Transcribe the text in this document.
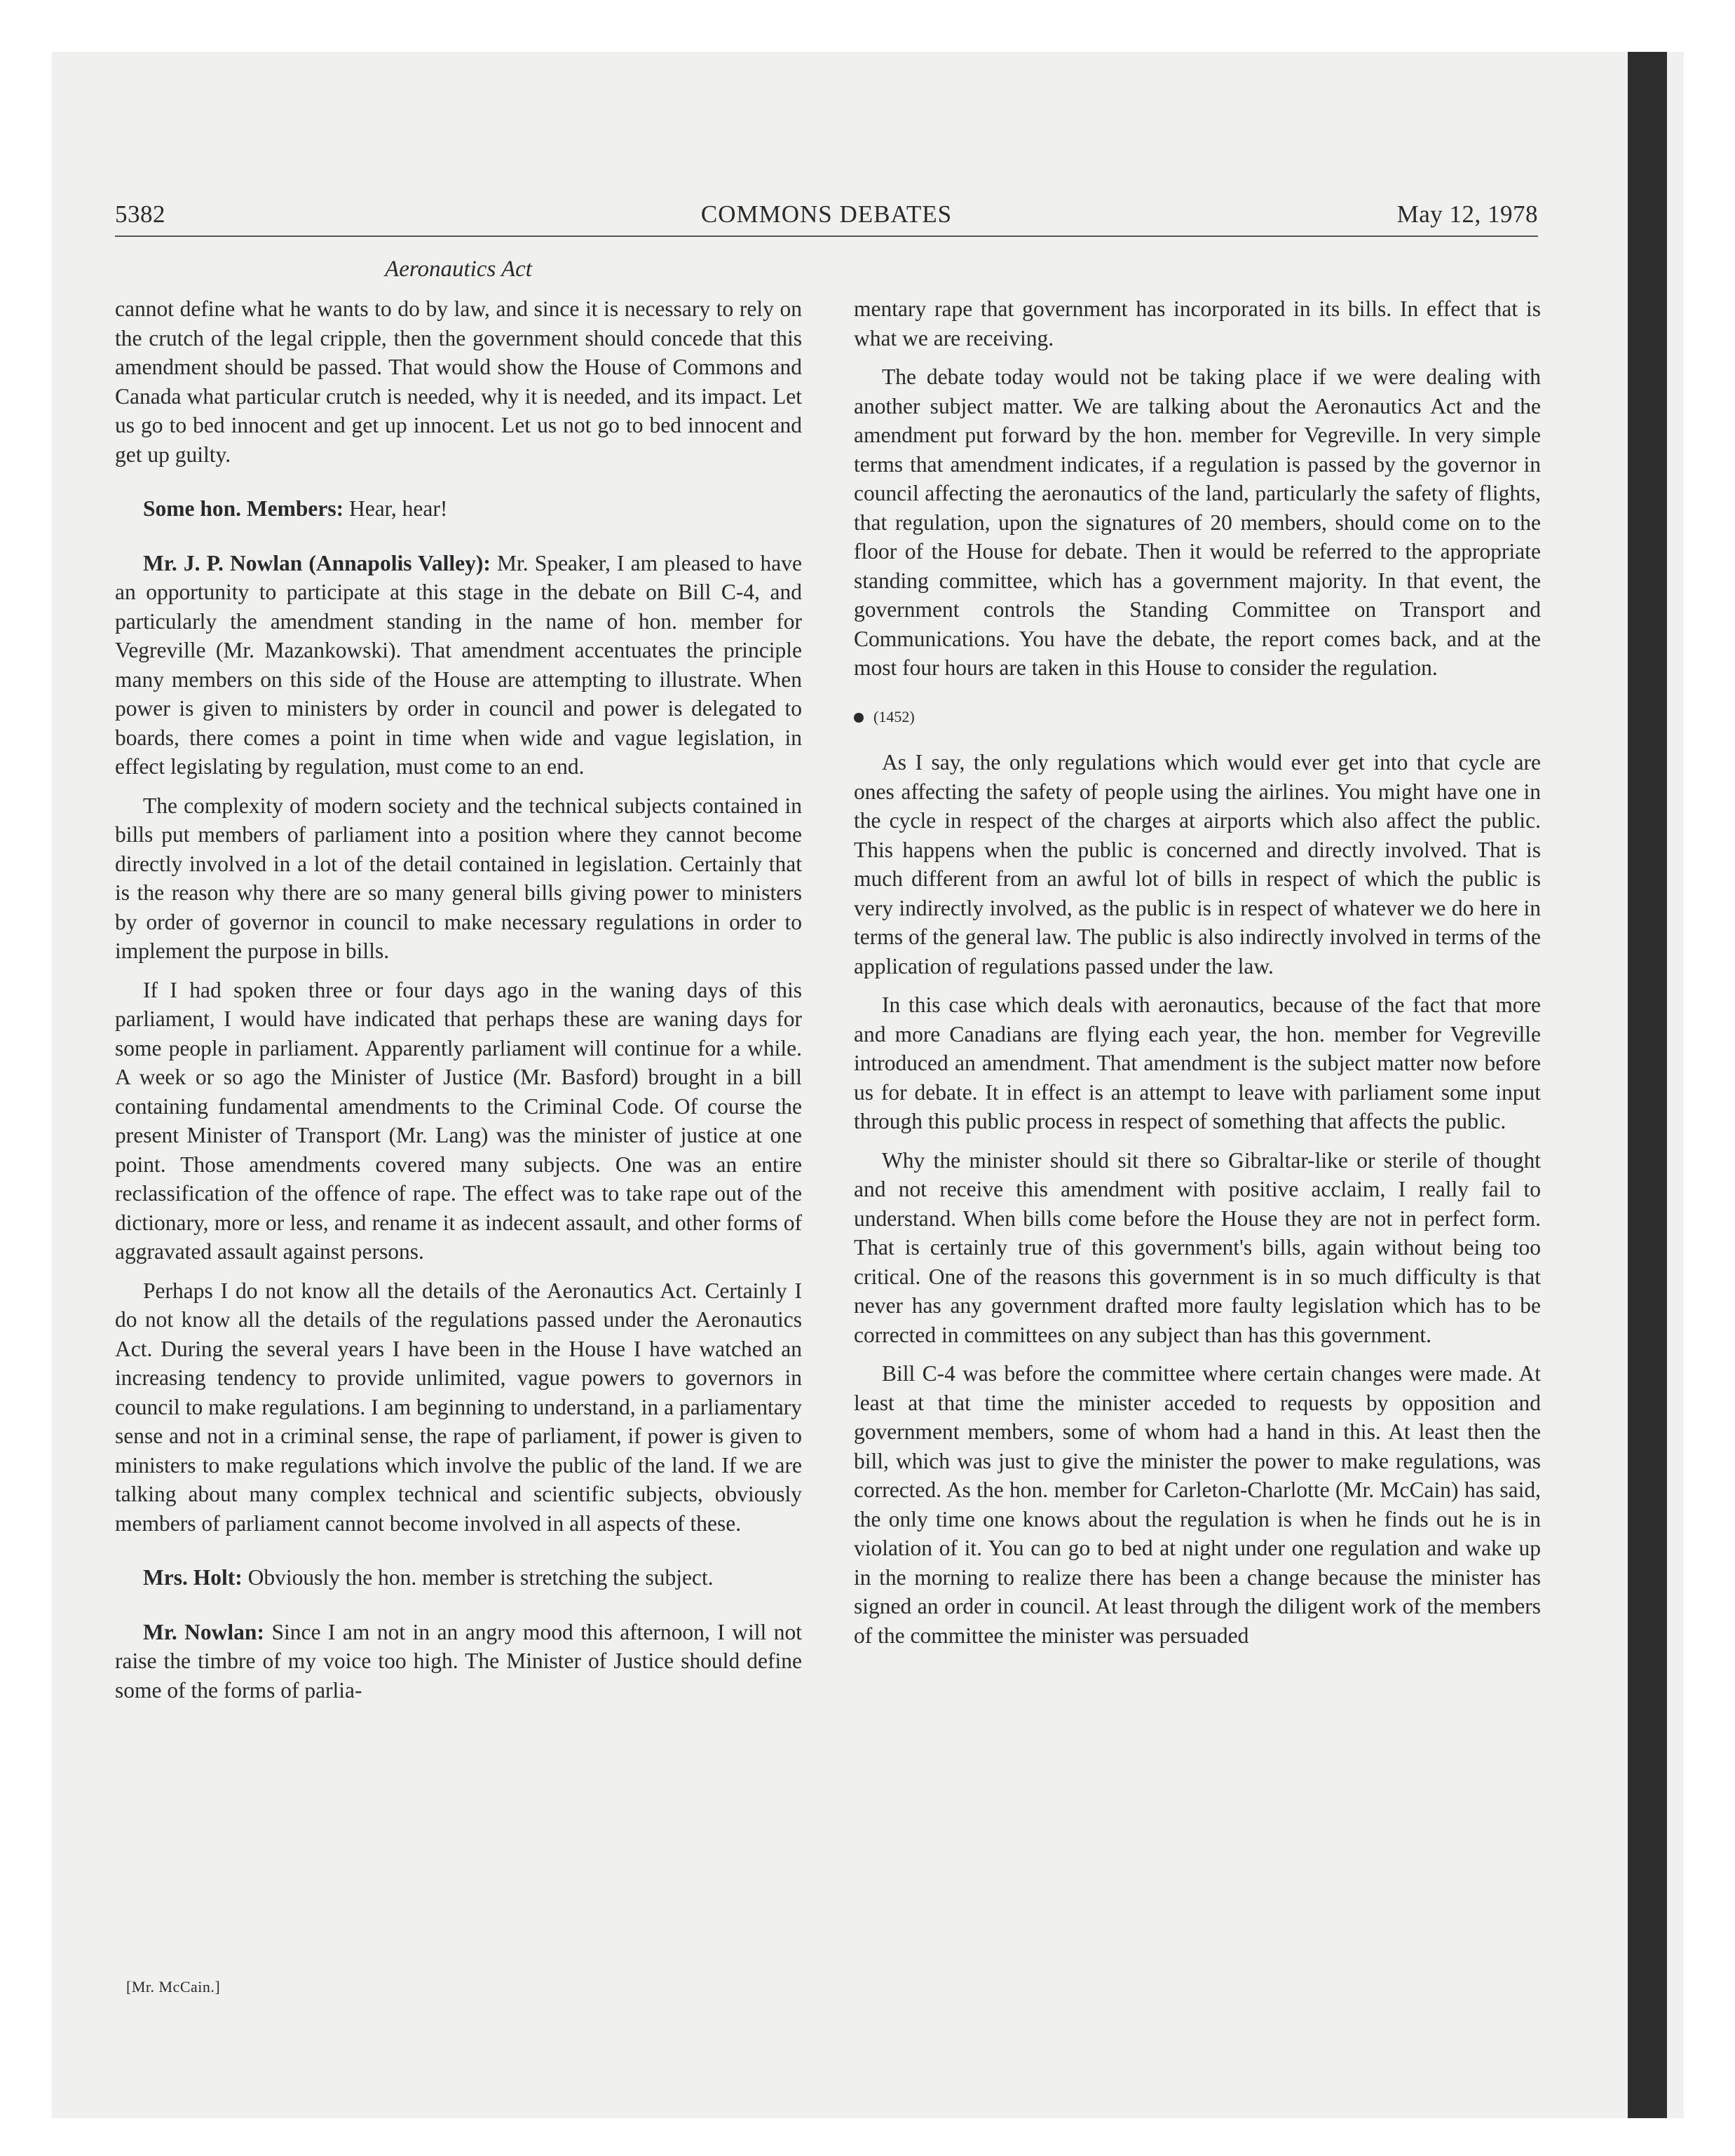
5382	COMMONS DEBATES	May 12, 1978
Aeronautics Act

cannot define what he wants to do by law, and since it is necessary to rely on the crutch of the legal cripple, then the government should concede that this amendment should be passed. That would show the House of Commons and Canada what particular crutch is needed, why it is needed, and its impact. Let us go to bed innocent and get up innocent. Let us not go to bed innocent and get up guilty.

Some hon. Members: Hear, hear!

Mr. J. P. Nowlan (Annapolis Valley): Mr. Speaker, I am pleased to have an opportunity to participate at this stage in the debate on Bill C-4, and particularly the amendment standing in the name of hon. member for Vegreville (Mr. Mazankowski). That amendment accentuates the principle many members on this side of the House are attempting to illustrate. When power is given to ministers by order in council and power is delegated to boards, there comes a point in time when wide and vague legislation, in effect legislating by regulation, must come to an end.

The complexity of modern society and the technical subjects contained in bills put members of parliament into a position where they cannot become directly involved in a lot of the detail contained in legislation. Certainly that is the reason why there are so many general bills giving power to ministers by order of governor in council to make necessary regulations in order to implement the purpose in bills.

If I had spoken three or four days ago in the waning days of this parliament, I would have indicated that perhaps these are waning days for some people in parliament. Apparently parliament will continue for a while. A week or so ago the Minister of Justice (Mr. Basford) brought in a bill containing fundamental amendments to the Criminal Code. Of course the present Minister of Transport (Mr. Lang) was the minister of justice at one point. Those amendments covered many subjects. One was an entire reclassification of the offence of rape. The effect was to take rape out of the dictionary, more or less, and rename it as indecent assault, and other forms of aggravated assault against persons.

Perhaps I do not know all the details of the Aeronautics Act. Certainly I do not know all the details of the regulations passed under the Aeronautics Act. During the several years I have been in the House I have watched an increasing tendency to provide unlimited, vague powers to governors in council to make regulations. I am beginning to understand, in a parliamentary sense and not in a criminal sense, the rape of parliament, if power is given to ministers to make regulations which involve the public of the land. If we are talking about many complex technical and scientific subjects, obviously members of parliament cannot become involved in all aspects of these.

Mrs. Holt: Obviously the hon. member is stretching the subject.

Mr. Nowlan: Since I am not in an angry mood this afternoon, I will not raise the timbre of my voice too high. The Minister of Justice should define some of the forms of parlia-

mentary rape that government has incorporated in its bills. In effect that is what we are receiving.

The debate today would not be taking place if we were dealing with another subject matter. We are talking about the Aeronautics Act and the amendment put forward by the hon. member for Vegreville. In very simple terms that amendment indicates, if a regulation is passed by the governor in council affecting the aeronautics of the land, particularly the safety of flights, that regulation, upon the signatures of 20 members, should come on to the floor of the House for debate. Then it would be referred to the appropriate standing committee, which has a government majority. In that event, the government controls the Standing Committee on Transport and Communications. You have the debate, the report comes back, and at the most four hours are taken in this House to consider the regulation.

(1452)

As I say, the only regulations which would ever get into that cycle are ones affecting the safety of people using the airlines. You might have one in the cycle in respect of the charges at airports which also affect the public. This happens when the public is concerned and directly involved. That is much different from an awful lot of bills in respect of which the public is very indirectly involved, as the public is in respect of whatever we do here in terms of the general law. The public is also indirectly involved in terms of the application of regulations passed under the law.

In this case which deals with aeronautics, because of the fact that more and more Canadians are flying each year, the hon. member for Vegreville introduced an amendment. That amendment is the subject matter now before us for debate. It in effect is an attempt to leave with parliament some input through this public process in respect of something that affects the public.

Why the minister should sit there so Gibraltar-like or sterile of thought and not receive this amendment with positive acclaim, I really fail to understand. When bills come before the House they are not in perfect form. That is certainly true of this government's bills, again without being too critical. One of the reasons this government is in so much difficulty is that never has any government drafted more faulty legislation which has to be corrected in committees on any subject than has this government.

Bill C-4 was before the committee where certain changes were made. At least at that time the minister acceded to requests by opposition and government members, some of whom had a hand in this. At least then the bill, which was just to give the minister the power to make regulations, was corrected. As the hon. member for Carleton-Charlotte (Mr. McCain) has said, the only time one knows about the regulation is when he finds out he is in violation of it. You can go to bed at night under one regulation and wake up in the morning to realize there has been a change because the minister has signed an order in council. At least through the diligent work of the members of the committee the minister was persuaded

[Mr. McCain.]
